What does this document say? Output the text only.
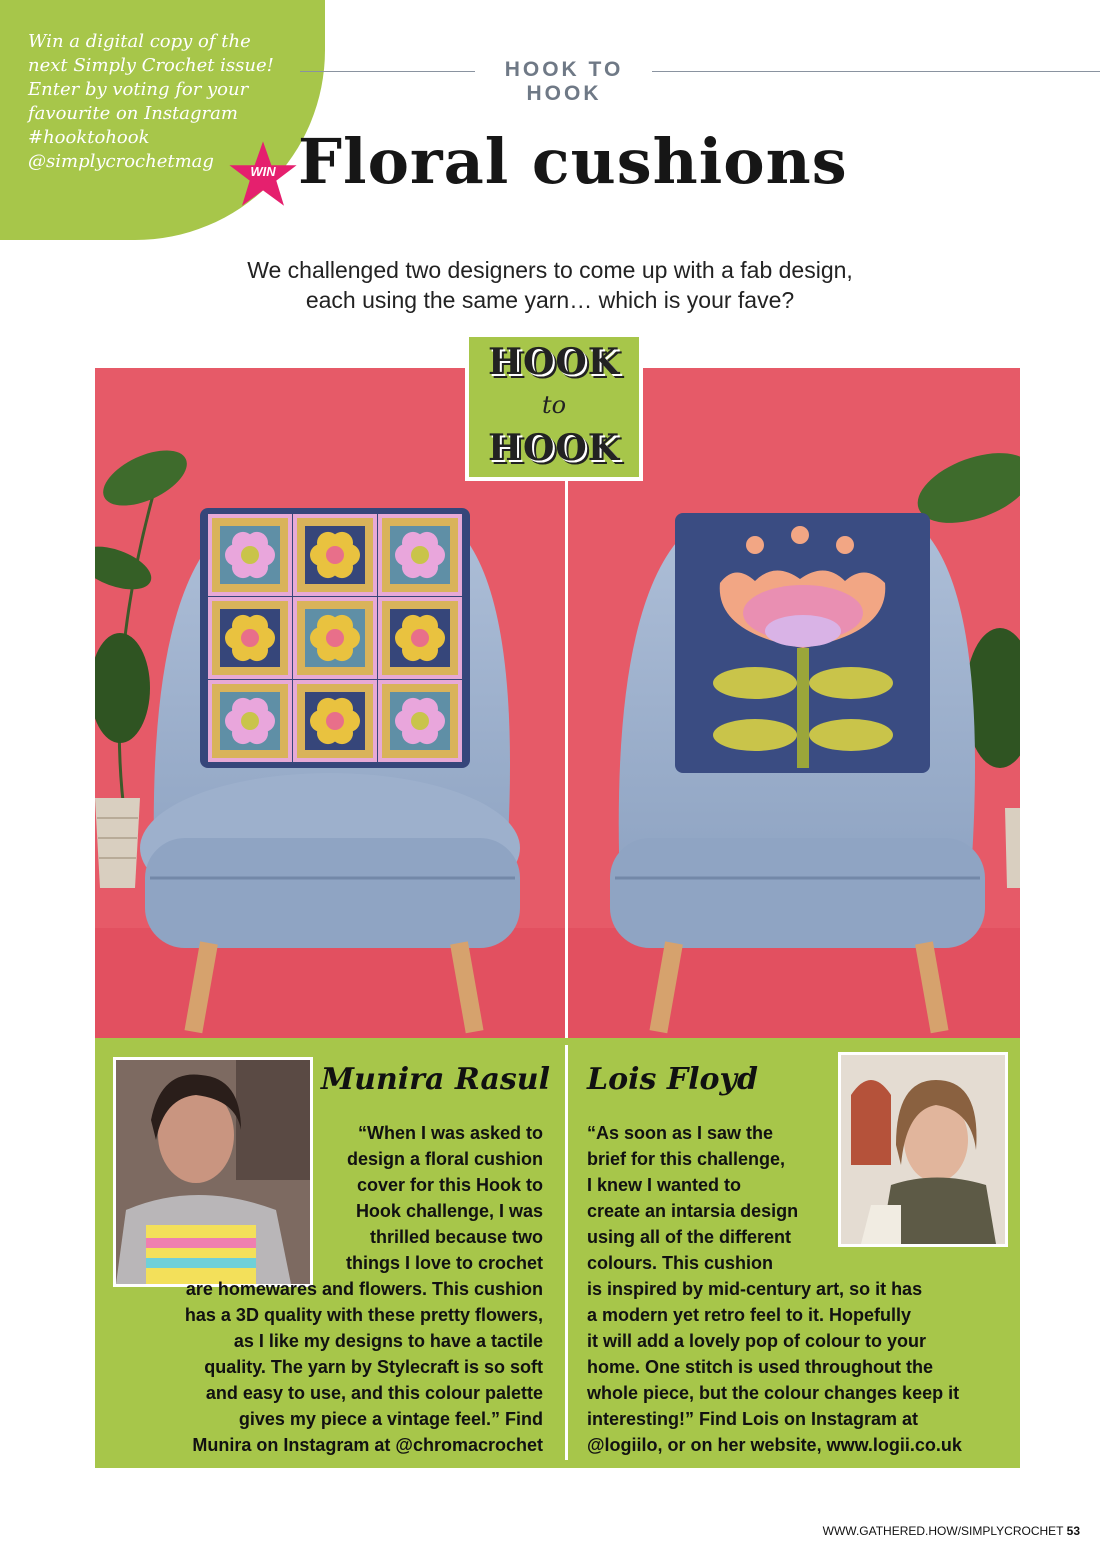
Win a digital copy of the
next Simply Crochet issue!
Enter by voting for your
favourite on Instagram
#hooktohook
@simplycrochetmag
HOOK TO HOOK
WIN Floral cushions
We challenged two designers to come up with a fab design,
each using the same yarn… which is your fave?
HOOK
to
HOOK
Munira Rasul Lois Floyd
“When I was asked to
design a floral cushion
cover for this Hook to
Hook challenge, I was
thrilled because two
things I love to crochet
are homewares and flowers. This cushion
has a 3D quality with these pretty flowers,
as I like my designs to have a tactile
quality. The yarn by Stylecraft is so soft
and easy to use, and this colour palette
gives my piece a vintage feel.” Find
Munira on Instagram at @chromacrochet
“As soon as I saw the
brief for this challenge,
I knew I wanted to
create an intarsia design
using all of the different
colours. This cushion
is inspired by mid-century art, so it has
a modern yet retro feel to it. Hopefully
it will add a lovely pop of colour to your
home. One stitch is used throughout the
whole piece, but the colour changes keep it
interesting!” Find Lois on Instagram at
@logiilo, or on her website, www.logii.co.uk
WWW.GATHERED.HOW/SIMPLYCROCHET 53
